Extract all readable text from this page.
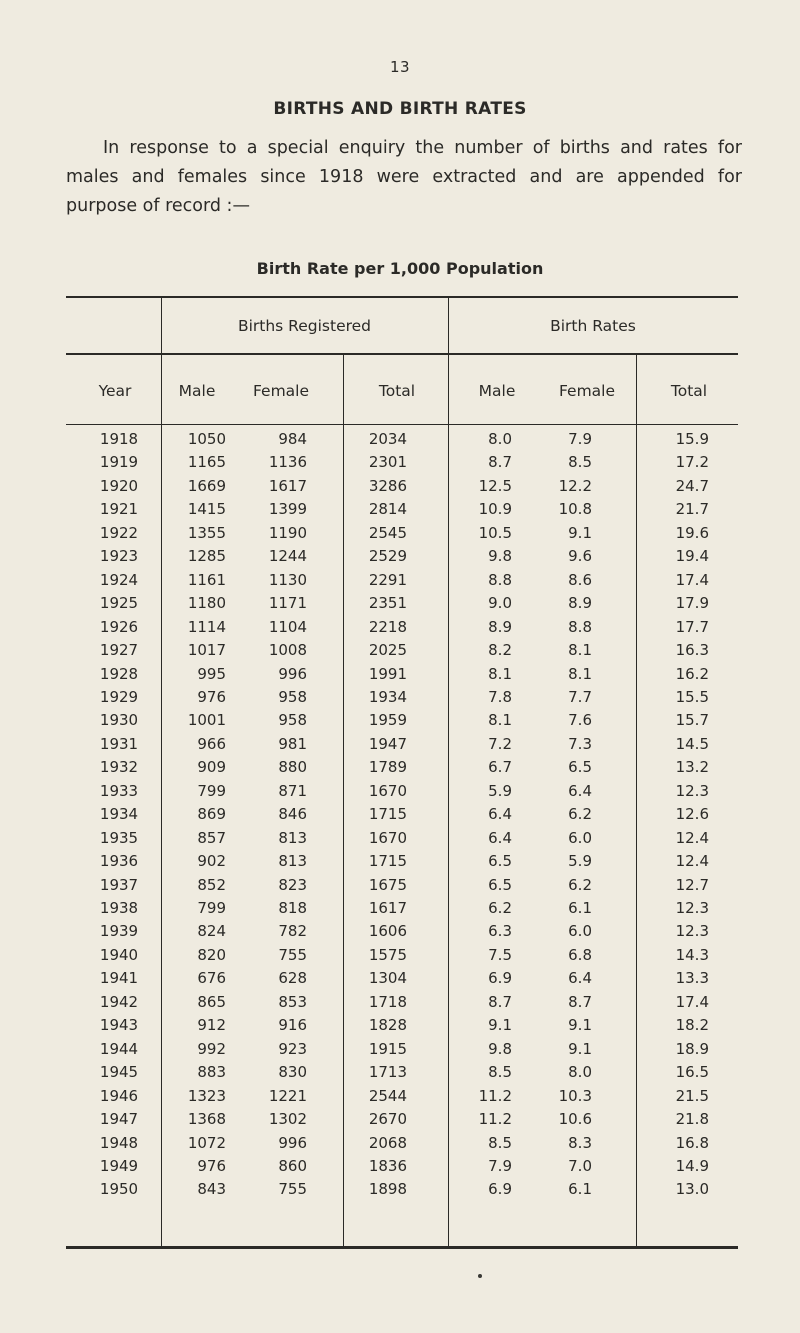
13
BIRTHS AND BIRTH RATES
In response to a special enquiry the number of births and rates for males and females since 1918 were extracted and are appended for purpose of record :—
Birth Rate per 1,000 Population
Births Registered	Birth Rates
Year	Male	Female	Total	Male	Female	Total
1918	1050	984	2034	8.0	7.9	15.9
1919	1165	1136	2301	8.7	8.5	17.2
1920	1669	1617	3286	12.5	12.2	24.7
1921	1415	1399	2814	10.9	10.8	21.7
1922	1355	1190	2545	10.5	9.1	19.6
1923	1285	1244	2529	9.8	9.6	19.4
1924	1161	1130	2291	8.8	8.6	17.4
1925	1180	1171	2351	9.0	8.9	17.9
1926	1114	1104	2218	8.9	8.8	17.7
1927	1017	1008	2025	8.2	8.1	16.3
1928	995	996	1991	8.1	8.1	16.2
1929	976	958	1934	7.8	7.7	15.5
1930	1001	958	1959	8.1	7.6	15.7
1931	966	981	1947	7.2	7.3	14.5
1932	909	880	1789	6.7	6.5	13.2
1933	799	871	1670	5.9	6.4	12.3
1934	869	846	1715	6.4	6.2	12.6
1935	857	813	1670	6.4	6.0	12.4
1936	902	813	1715	6.5	5.9	12.4
1937	852	823	1675	6.5	6.2	12.7
1938	799	818	1617	6.2	6.1	12.3
1939	824	782	1606	6.3	6.0	12.3
1940	820	755	1575	7.5	6.8	14.3
1941	676	628	1304	6.9	6.4	13.3
1942	865	853	1718	8.7	8.7	17.4
1943	912	916	1828	9.1	9.1	18.2
1944	992	923	1915	9.8	9.1	18.9
1945	883	830	1713	8.5	8.0	16.5
1946	1323	1221	2544	11.2	10.3	21.5
1947	1368	1302	2670	11.2	10.6	21.8
1948	1072	996	2068	8.5	8.3	16.8
1949	976	860	1836	7.9	7.0	14.9
1950	843	755	1898	6.9	6.1	13.0
